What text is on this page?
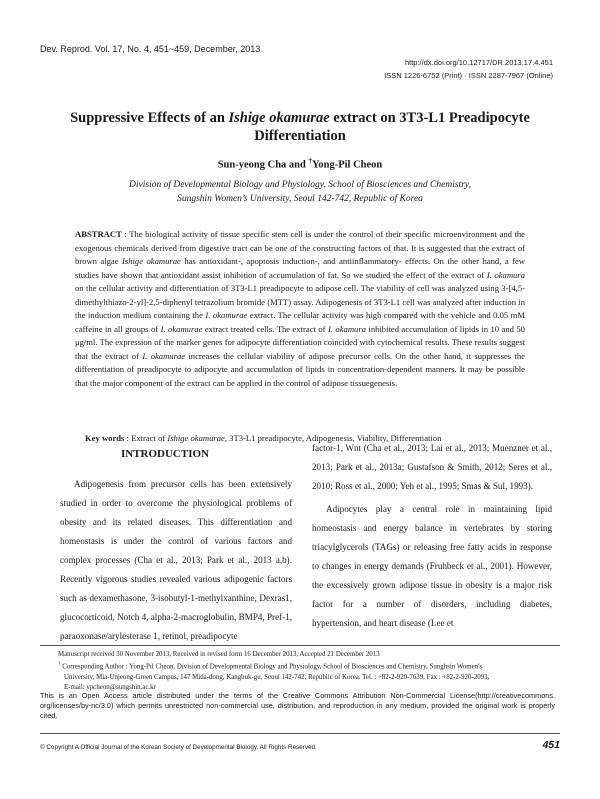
Dev. Reprod. Vol. 17, No. 4, 451~459, December, 2013
http://dx.doi.org/10.12717/DR.2013.17.4.451
ISSN 1226-6752 (Print) · ISSN 2287-7967 (Online)
Suppressive Effects of an Ishige okamurae extract on 3T3-L1 Preadipocyte
Differentiation
Sun-yeong Cha and †Yong-Pil Cheon
Division of Developmental Biology and Physiology, School of Biosciences and Chemistry,
Sungshin Women’s University, Seoul 142-742, Republic of Korea
ABSTRACT : The biological activity of tissue specific stem cell is under the control of their specific microenvironment and the exogenous chemicals derived from digestive tract can be one of the constructing factors of that. It is suggested that the extract of brown algae Ishige okamurae has antioxidant-, apoptosis induction-, and antiinflammatory- effects. On the other hand, a few studies have shown that antioxidant assist inhibition of accumulation of fat. So we studied the effect of the extract of I. okamura on the cellular activity and differentiation of 3T3-L1 preadipocyte to adipose cell. The viability of cell was analyzed using 3-[4,5-dimethylthiazo-2-yl]-2,5-diphenyl tetrazolium bromide (MTT) assay. Adipogenesis of 3T3-L1 cell was analyzed after induction in the induction medium containing the I. okamurae extract. The cellular activity was high compared with the vehicle and 0.05 mM caffeine in all groups of I. okamurae extract treated cells. The extract of I. okamura inhibited accumulation of lipids in 10 and 50 μg/ml. The expression of the marker genes for adipocyte differentiation coincided with cytochemical results. These results suggest that the extract of I. okamurae increases the cellular viability of adipose precursor cells. On the other hand, it suppresses the differentiation of preadipocyte to adipocyte and accumulation of lipids in concentration-dependent manners. It may be possible that the major component of the extract can be applied in the control of adipose tissuegenesis.
Key words : Extract of Ishige okamurae, 3T3-L1 preadipocyte, Adipogenesis, Viability, Differentiation
INTRODUCTION
Adipogenesis from precursor cells has been extensively studied in order to overcome the physiological problems of obesity and its related diseases. This differentiation and homeostasis is under the control of various factors and complex processes (Cha et al., 2013; Park et al., 2013 a,b). Recently vigorous studies revealed various adipogenic factors such as dexamethasone, 3-isobutyl-1-methylxanthine, Dexras1, glucocorticoid, Notch 4, alpha-2-macroglobulin, BMP4, Pref-1, paraoxonase/arylesterase 1, retinol, preadipocyte
factor-1, Wnt (Cha et al., 2013; Lai et al., 2013; Muenzner et al., 2013; Park et al., 2013a; Gustafson & Smith, 2012; Seres et al., 2010; Ross et al., 2000; Yeh et al., 1995; Smas & Sul, 1993).
Adipocytes play a central role in maintaining lipid homeostasis and energy balance in vertebrates by storing triacylglycerols (TAGs) or releasing free fatty acids in response to changes in energy demands (Fruhbeck et al., 2001). However, the excessively grown adipose tissue in obesity is a major risk factor for a number of disorders, including diabetes, hypertension, and heart disease (Lee et

Manuscript received 30 November 2013, Received in revised form 16 December 2013, Accepted 21 December 2013

† Corresponding Author : Yong-Pil Cheon, Division of Developmental Biology and Physiology, School of Biosciences and Chemistry, Sunghsin Women's

University, Mia-Unjeong-Green Campus, 147 Mida-dong, Kangbuk-gu, Seoul 142-742, Republic of Korea. Tel. : +82-2-920-7639, Fax : +82-2-920-2093,

E-mail: ypcheon@sungshin.ac.kr

This is an Open Access article distributed under the terms of the Creative Commons Attribution Non-Commercial License(http://creativecommons. org/licenses/by-nc/3.0) which permits unrestricted non-commercial use, distribution, and reproduction in any medium, provided the original work is properly cited.
© Copyright A Official Journal of the Korean Society of Developmental Biology. All Rights Reserved.	451
